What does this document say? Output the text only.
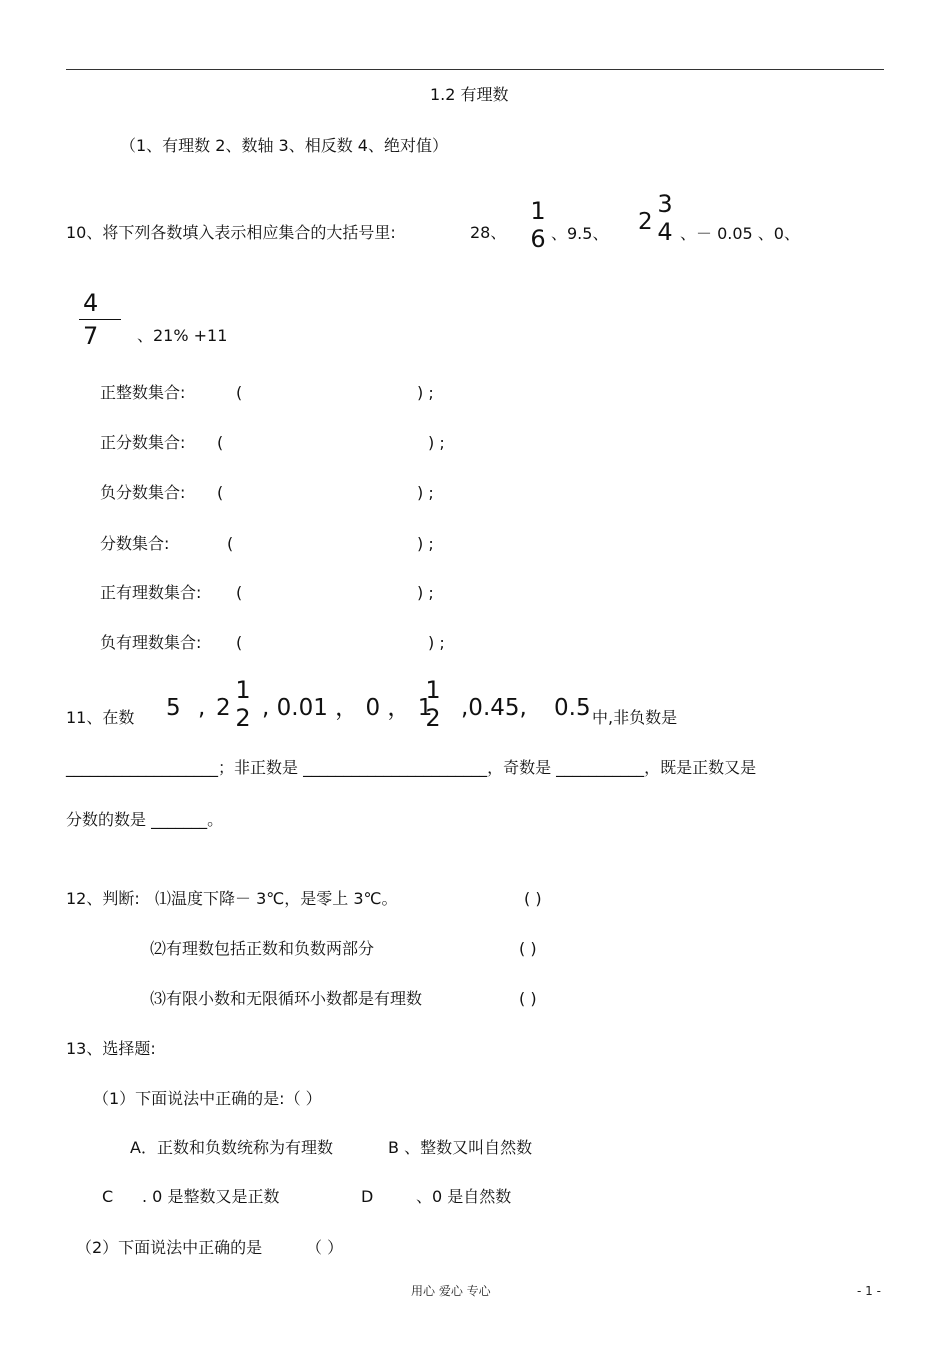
1.2 有理数
（1、有理数 2、数轴 3、相反数 4、绝对值）
10、将下列各数填入表示相应集合的大括号里:	28、
1
6 、9.5、 2
3
4 、－ 0.05 、0、
4
7	、21% +11
正整数集合:	(	) ;
正分数集合: (	) ;
负分数集合: (	) ;
分数集合:	(	) ;
正有理数集合: (	) ;
负有理数集合: (	) ;
11、在数 5 , 2
1
2 , 0.01 ， 0 ， 1
1
2 ,0.45, 0.5 中,非负数是
___________________；非正数是 _______________________，奇数是 ___________，既是正数又是
分数的数是 _______。
12、判断: ⑴温度下降－ 3℃，是零上 3℃。	( )
⑵有理数包括正数和负数两部分	( )
⑶有限小数和无限循环小数都是有理数	( )
13、选择题:
（1）下面说法中正确的是:（ ）
A．正数和负数统称为有理数	B 、整数又叫自然数
C . 0 是整数又是正数	D	、0 是自然数
（2）下面说法中正确的是	（ ）
用心 爱心 专心	- 1 -
